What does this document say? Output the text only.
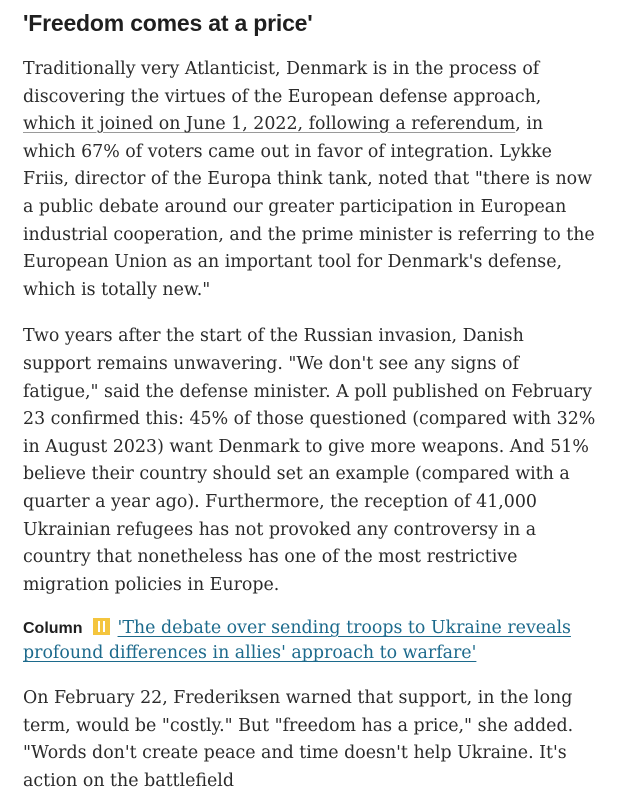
'Freedom comes at a price'

Traditionally very Atlanticist, Denmark is in the process of discovering the virtues of the European defense approach, which it joined on June 1, 2022, following a referendum, in which 67% of voters came out in favor of integration. Lykke Friis, director of the Europa think tank, noted that "there is now a public debate around our greater participation in European industrial cooperation, and the prime minister is referring to the European Union as an important tool for Denmark's defense, which is totally new."

Two years after the start of the Russian invasion, Danish support remains unwavering. "We don't see any signs of fatigue," said the defense minister. A poll published on February 23 confirmed this: 45% of those questioned (compared with 32% in August 2023) want Denmark to give more weapons. And 51% believe their country should set an example (compared with a quarter a year ago). Furthermore, the reception of 41,000 Ukrainian refugees has not provoked any controversy in a country that nonetheless has one of the most restrictive migration policies in Europe.

Column 'The debate over sending troops to Ukraine reveals profound differences in allies' approach to warfare'

On February 22, Frederiksen warned that support, in the long term, would be "costly." But "freedom has a price," she added. "Words don't create peace and time doesn't help Ukraine. It's action on the battlefield
